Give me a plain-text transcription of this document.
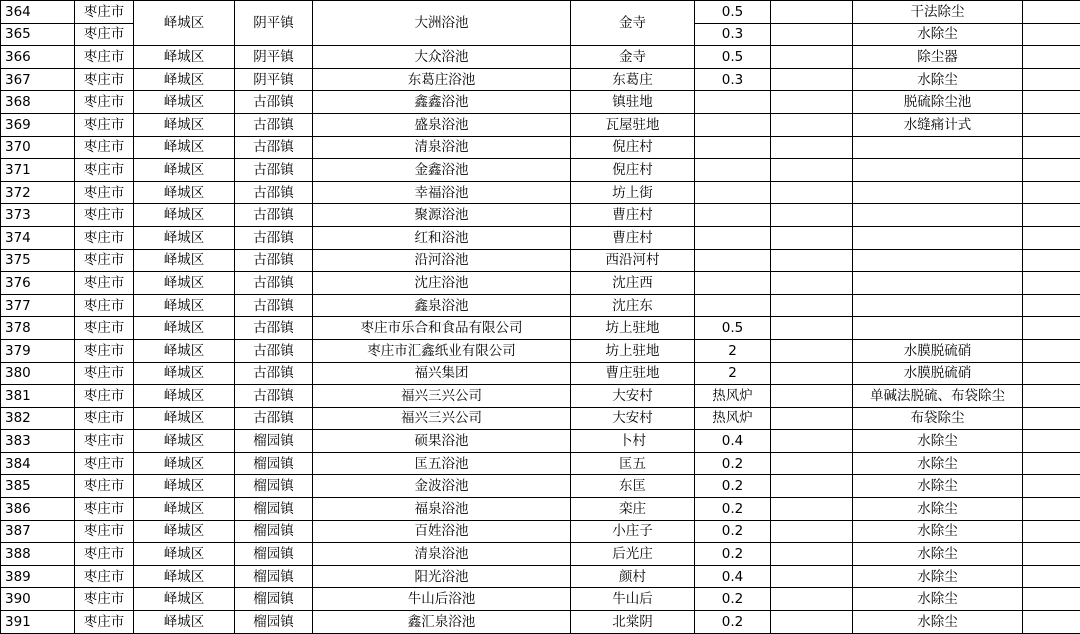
364	枣庄市	峄城区	阴平镇	大洲浴池	金寺	0.5		干法除尘	
365	枣庄市					0.3		水除尘	
366	枣庄市	峄城区	阴平镇	大众浴池	金寺	0.5		除尘器	
367	枣庄市	峄城区	阴平镇	东葛庄浴池	东葛庄	0.3		水除尘	
368	枣庄市	峄城区	古邵镇	鑫鑫浴池	镇驻地			脱硫除尘池	
369	枣庄市	峄城区	古邵镇	盛泉浴池	瓦屋驻地			水缝痛计式	
370	枣庄市	峄城区	古邵镇	清泉浴池	倪庄村				
371	枣庄市	峄城区	古邵镇	金鑫浴池	倪庄村				
372	枣庄市	峄城区	古邵镇	幸福浴池	坊上街				
373	枣庄市	峄城区	古邵镇	聚源浴池	曹庄村				
374	枣庄市	峄城区	古邵镇	红和浴池	曹庄村				
375	枣庄市	峄城区	古邵镇	沿河浴池	西沿河村				
376	枣庄市	峄城区	古邵镇	沈庄浴池	沈庄西				
377	枣庄市	峄城区	古邵镇	鑫泉浴池	沈庄东				
378	枣庄市	峄城区	古邵镇	枣庄市乐合和食品有限公司	坊上驻地	0.5			
379	枣庄市	峄城区	古邵镇	枣庄市汇鑫纸业有限公司	坊上驻地	2		水膜脱硫硝	
380	枣庄市	峄城区	古邵镇	福兴集团	曹庄驻地	2		水膜脱硫硝	
381	枣庄市	峄城区	古邵镇	福兴三兴公司	大安村	热风炉		单碱法脱硫、布袋除尘	
382	枣庄市	峄城区	古邵镇	福兴三兴公司	大安村	热风炉		布袋除尘	
383	枣庄市	峄城区	榴园镇	硕果浴池	卜村	0.4		水除尘	
384	枣庄市	峄城区	榴园镇	匡五浴池	匡五	0.2		水除尘	
385	枣庄市	峄城区	榴园镇	金波浴池	东匡	0.2		水除尘	
386	枣庄市	峄城区	榴园镇	福泉浴池	栾庄	0.2		水除尘	
387	枣庄市	峄城区	榴园镇	百姓浴池	小庄子	0.2		水除尘	
388	枣庄市	峄城区	榴园镇	清泉浴池	后光庄	0.2		水除尘	
389	枣庄市	峄城区	榴园镇	阳光浴池	颜村	0.4		水除尘	
390	枣庄市	峄城区	榴园镇	牛山后浴池	牛山后	0.2		水除尘	
391	枣庄市	峄城区	榴园镇	鑫汇泉浴池	北棠阴	0.2		水除尘	
